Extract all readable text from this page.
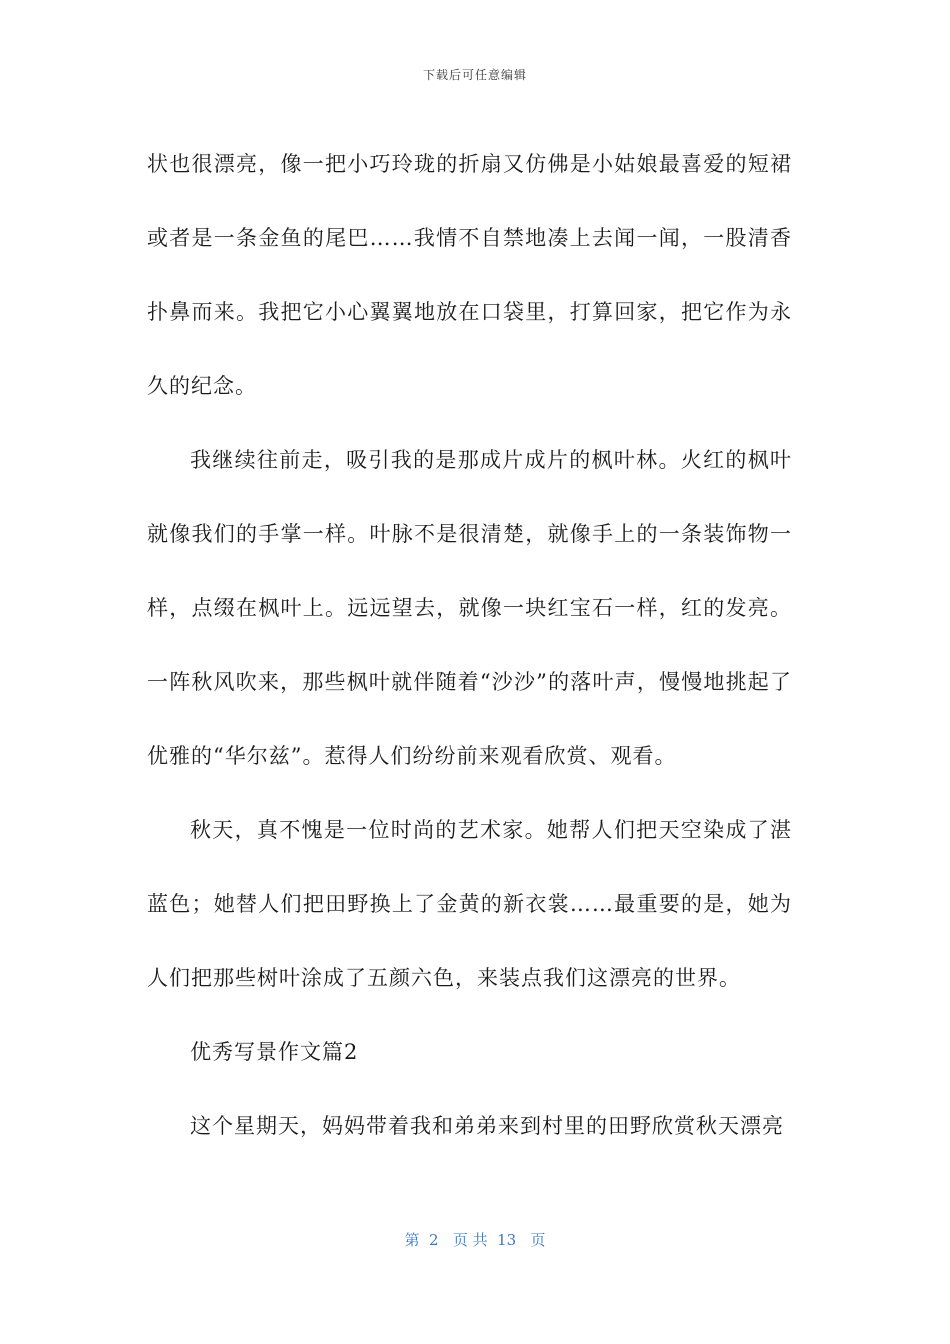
下载后可任意编辑

状也很漂亮，像一把小巧玲珑的折扇又仿佛是小姑娘最喜爱的短裙或者是一条金鱼的尾巴……我情不自禁地凑上去闻一闻，一股清香扑鼻而来。我把它小心翼翼地放在口袋里，打算回家，把它作为永久的纪念。

我继续往前走，吸引我的是那成片成片的枫叶林。火红的枫叶就像我们的手掌一样。叶脉不是很清楚，就像手上的一条装饰物一样，点缀在枫叶上。远远望去，就像一块红宝石一样，红的发亮。一阵秋风吹来，那些枫叶就伴随着“沙沙”的落叶声，慢慢地挑起了优雅的“华尔兹”。惹得人们纷纷前来观看欣赏、观看。

秋天，真不愧是一位时尚的艺术家。她帮人们把天空染成了湛蓝色；她替人们把田野换上了金黄的新衣裳……最重要的是，她为人们把那些树叶涂成了五颜六色，来装点我们这漂亮的世界。

优秀写景作文篇2

这个星期天，妈妈带着我和弟弟来到村里的田野欣赏秋天漂亮

第  2   页 共  13   页
